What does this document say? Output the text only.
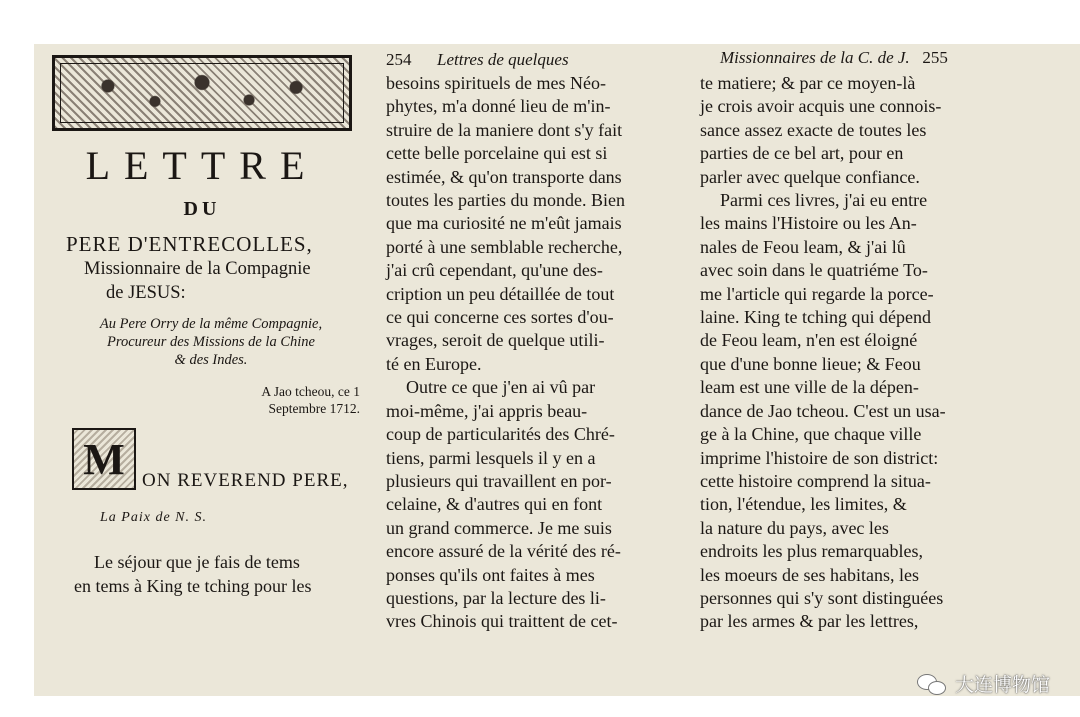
LETTRE
DU
PERE D'ENTRECOLLES,
Missionnaire de la Compagnie
de JESUS:
Au Pere Orry de la même Compagnie,
Procureur des Missions de la Chine
& des Indes.
A Jao tcheou, ce 1
Septembre 1712.
M ON REVEREND PERE,
La Paix de N. S.
Le séjour que je fais de tems
en tems à King te tching pour les
254 Lettres de quelques
besoins spirituels de mes Néo-
phytes, m'a donné lieu de m'in-
struire de la maniere dont s'y fait
cette belle porcelaine qui est si
estimée, & qu'on transporte dans
toutes les parties du monde. Bien
que ma curiosité ne m'eût jamais
porté à une semblable recherche,
j'ai crû cependant, qu'une des-
cription un peu détaillée de tout
ce qui concerne ces sortes d'ou-
vrages, seroit de quelque utili-
té en Europe.
Outre ce que j'en ai vû par
moi-même, j'ai appris beau-
coup de particularités des Chré-
tiens, parmi lesquels il y en a
plusieurs qui travaillent en por-
celaine, & d'autres qui en font
un grand commerce. Je me suis
encore assuré de la vérité des ré-
ponses qu'ils ont faites à mes
questions, par la lecture des li-
vres Chinois qui traittent de cet-
Missionnaires de la C. de J. 255
te matiere; & par ce moyen-là
je crois avoir acquis une connois-
sance assez exacte de toutes les
parties de ce bel art, pour en
parler avec quelque confiance.
Parmi ces livres, j'ai eu entre
les mains l'Histoire ou les An-
nales de Feou leam, & j'ai lû
avec soin dans le quatriéme To-
me l'article qui regarde la porce-
laine. King te tching qui dépend
de Feou leam, n'en est éloigné
que d'une bonne lieue; & Feou
leam est une ville de la dépen-
dance de Jao tcheou. C'est un usa-
ge à la Chine, que chaque ville
imprime l'histoire de son district:
cette histoire comprend la situa-
tion, l'étendue, les limites, &
la nature du pays, avec les
endroits les plus remarquables,
les moeurs de ses habitans, les
personnes qui s'y sont distinguées
par les armes & par les lettres,
大连博物馆
